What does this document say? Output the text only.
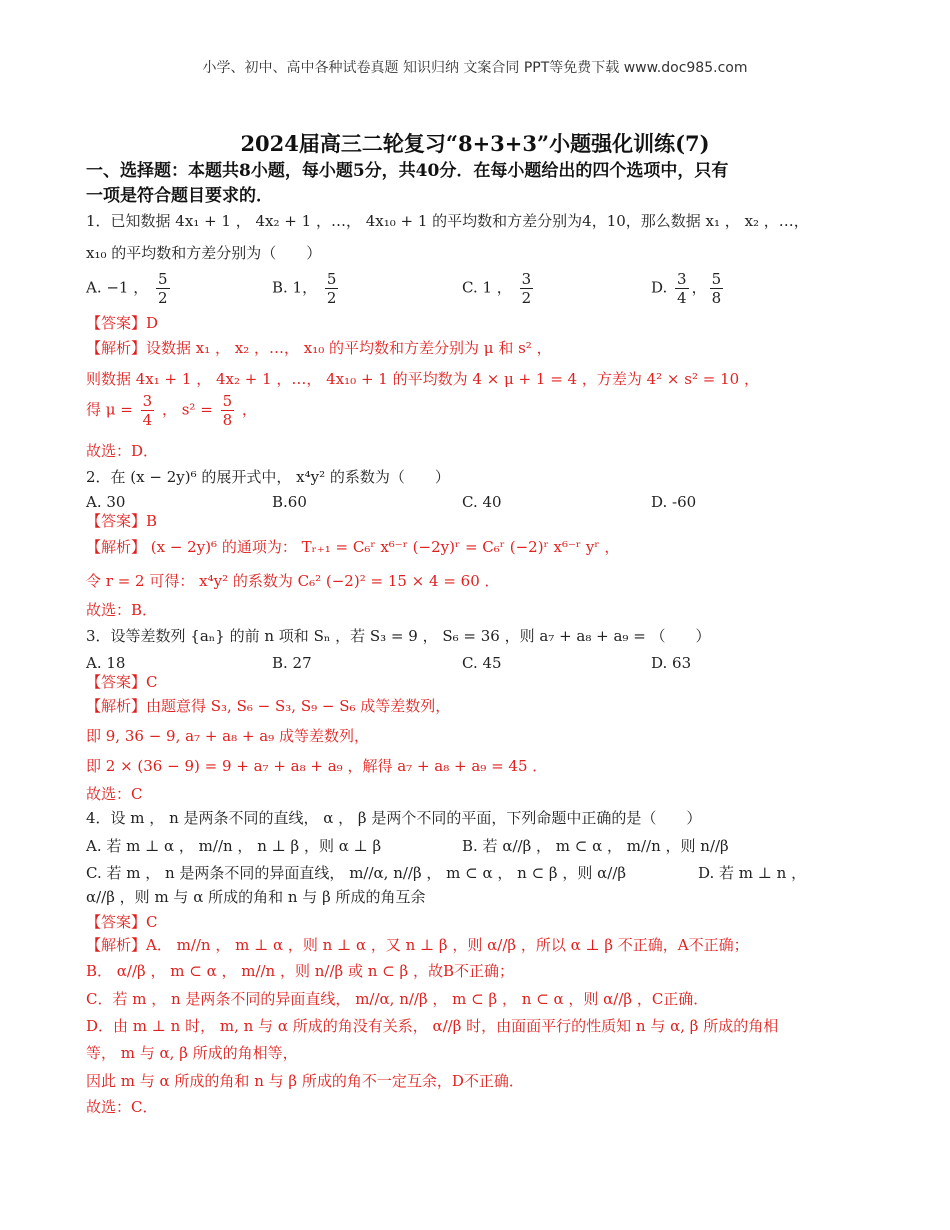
小学、初中、高中各种试卷真题 知识归纳 文案合同 PPT等免费下载 www.doc985.com
2024届高三二轮复习“8+3+3”小题强化训练(7)
一、选择题：本题共8小题，每小题5分，共40分．在每小题给出的四个选项中，只有
一项是符合题目要求的．
1．已知数据 4x₁ + 1 ， 4x₂ + 1 ，…， 4x₁₀ + 1 的平均数和方差分别为4，10，那么数据 x₁ ， x₂ ，…，
x₁₀ 的平均数和方差分别为（　　）
A. −1 ， $\frac{5}{2}$	B. 1， $\frac{5}{2}$	C. 1 ， $\frac{3}{2}$	D. $\frac{3}{4}$ ， $\frac{5}{8}$
【答案】D
【解析】设数据 x₁ ， x₂ ，…， x₁₀ 的平均数和方差分别为 μ 和 s² ，
则数据 4x₁ + 1 ， 4x₂ + 1 ，…， 4x₁₀ + 1 的平均数为 4 × μ + 1 = 4 ，方差为 4² × s² = 10 ，
得 $\mu = \frac{3}{4}$ ， $s^2 = \frac{5}{8}$ ，
故选：D．
2．在 (x − 2y)⁶ 的展开式中， x⁴y² 的系数为（　　）
A. 30	B.60	C. 40	D. -60
【答案】B
【解析】 (x − 2y)⁶ 的通项为： Tᵣ₊₁ = C₆ʳ x⁶⁻ʳ (−2y)ʳ = C₆ʳ (−2)ʳ x⁶⁻ʳ yʳ ，
令 r = 2 可得： x⁴y² 的系数为 C₆² (−2)² = 15 × 4 = 60 ．
故选：B．
3．设等差数列 {aₙ} 的前 n 项和 Sₙ ，若 S₃ = 9 ， S₆ = 36 ，则 a₇ + a₈ + a₉ = （　　）
A. 18	B. 27	C. 45	D. 63
【答案】C
【解析】由题意得 S₃, S₆ − S₃, S₉ − S₆ 成等差数列，
即 9, 36 − 9, a₇ + a₈ + a₉ 成等差数列，
即 2 × (36 − 9) = 9 + a₇ + a₈ + a₉ ，解得 a₇ + a₈ + a₉ = 45 ．
故选：C
4．设 m ， n 是两条不同的直线， α ， β 是两个不同的平面，下列命题中正确的是（　　）
A. 若 m ⊥ α ， m//n ， n ⊥ β ，则 α ⊥ β	B. 若 α//β ， m ⊂ α ， m//n ，则 n//β
C. 若 m ， n 是两条不同的异面直线， m//α, n//β ， m ⊂ α ， n ⊂ β ，则 α//β	D. 若 m ⊥ n ，
α//β ，则 m 与 α 所成的角和 n 与 β 所成的角互余
【答案】C
【解析】A． m//n ， m ⊥ α ，则 n ⊥ α ，又 n ⊥ β ，则 α//β ，所以 α ⊥ β 不正确，A不正确；
B． α//β ， m ⊂ α ， m//n ，则 n//β 或 n ⊂ β ，故B不正确；
C．若 m ， n 是两条不同的异面直线， m//α, n//β ， m ⊂ β ， n ⊂ α ，则 α//β ，C正确．
D．由 m ⊥ n 时， m, n 与 α 所成的角没有关系， α//β 时，由面面平行的性质知 n 与 α, β 所成的角相
等， m 与 α, β 所成的角相等，
因此 m 与 α 所成的角和 n 与 β 所成的角不一定互余，D不正确．
故选：C．
